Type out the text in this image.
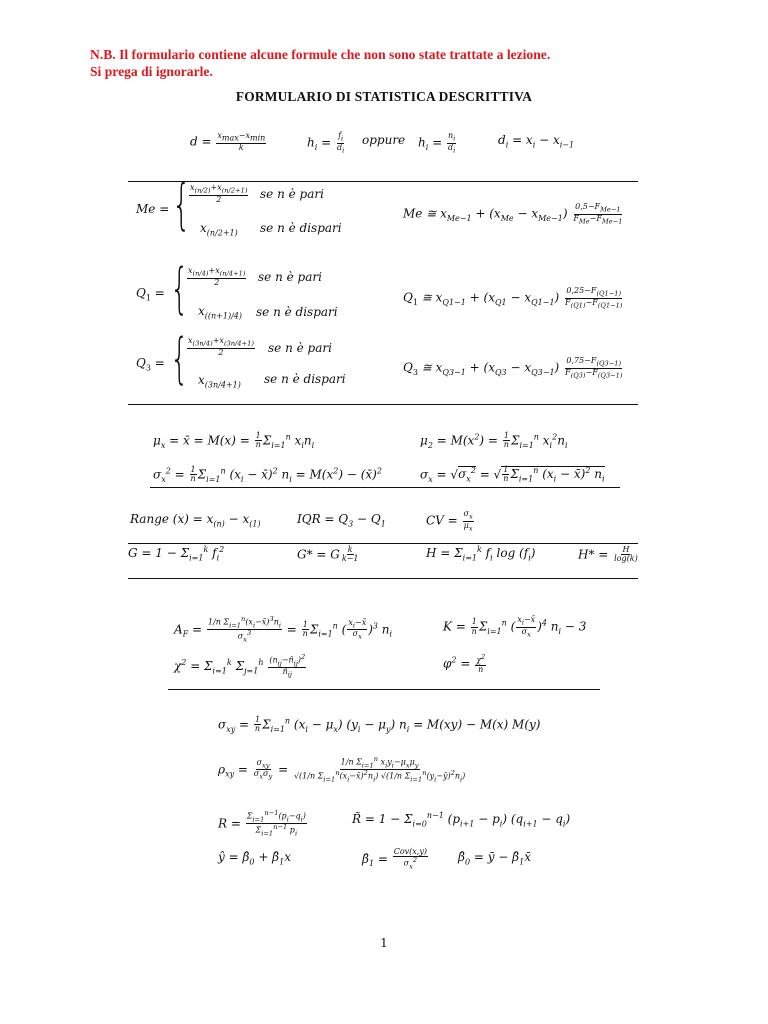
N.B. Il formulario contiene alcune formule che non sono state trattate a lezione.
Si prega di ignorarle.
FORMULARIO DI STATISTICA DESCRITTIVA
$d = \frac{x_{max}-x_{min}}{k}$	$h_i = \frac{f_i}{d_i}$ oppure $h_i = \frac{n_i}{d_i}$	$d_i = x_i - x_{i-1}$
Me = {
$\frac{x_{(n/2)}+x_{(n/2+1)}}{2}$ se n è pari
$x_{(n/2+1)}$ se n è dispari
Me ≅ $x_{Me-1} + (x_{Me} - x_{Me-1}) \frac{0,5-F_{Me-1}}{F_{Me}-F_{Me-1}}$
$Q_1$ = {
$\frac{x_{(n/4)}+x_{(n/4+1)}}{2}$ se n è pari
$x_{((n+1)/4)}$ se n è dispari
$Q_1$ ≅ $x_{Q1-1} + (x_{Q1} - x_{Q1-1}) \frac{0,25-F_{(Q1-1)}}{F_{(Q1)}-F_{(Q1-1)}}$
$Q_3$ = {
$\frac{x_{(3n/4)}+x_{(3n/4+1)}}{2}$ se n è pari
$x_{(3n/4+1)}$ se n è dispari
$Q_3$ ≅ $x_{Q3-1} + (x_{Q3} - x_{Q3-1}) \frac{0,75-F_{(Q3-1)}}{F_{(Q3)}-F_{(Q3-1)}}$
$\mu_x$ = x̄ = $M(x) = \frac{1}{n} \Sigma_{i=1}^n$ $x_in_i$	$\mu_2 = M(x^2) = \frac{1}{n} \Sigma_{i=1}^n$ $x_i^2n_i$
$\sigma_x^2 = \frac{1}{n} \Sigma_{i=1}^n$ ($x_i$ − x̄)$^2$ $n_i = M(x^2)$ − (x̄)$^2$	$\sigma_x = √\sigma_x^2$ = √ $\frac{1}{n} \Sigma_{i=1}^n$ ($x_i$ − x̄)$^2$ $n_i$
Range $(x) = x_{(n)} - x_{(1)}$	IQR = $Q_3 - Q_1$	CV = $\frac{\sigma_x}{\mu_x}$
$G = 1 - \Sigma_{i=1}^k$ $f_i^2$	G* = G $\frac{k}{k-1}$	$H = \Sigma_{i=1}^k$ $f_i$ $\log (f_i)$	$H* = \frac{H}{\log(k)}$
$A_F = \frac{1/n \Sigma_{i=1}^n(x_i-x̄)^3n_i}{\sigma_x^3} = \frac{1}{n} \Sigma_{i=1}^n$ ( $\frac{x_i-x̄}{\sigma_x} )^3$ $n_i$
$K = \frac{1}{n} \Sigma_{i=1}^n$ ( $\frac{x_i-x̄}{\sigma_x} )^4$ $n_i - 3$
$\chi^2 = \Sigma_{i=1}^k$ $\Sigma_{j=1}^h \frac{(n_{ij}-n̂_{ij})^2}{n̂_{ij}}$	$\varphi^2 = \frac{\chi^2}{n}$
$\sigma_{xy} = \frac{1}{n} \Sigma_{i=1}^n$ $(x_i - \mu_x) (y_i - \mu_y) n_i = M(xy) - M(x)$ M(y)
$\rho_{xy} = \frac{\sigma_{xy}}{\sigma_x\sigma_y} = \frac{1/n \Sigma_{i=1}^n x_iy_i-\mu_x\mu_y}{√(1/n \Sigma_{i=1}^n(x_i-x̄)^2n_i) √(1/n \Sigma_{i=1}^n(y_i-ȳ)^2n_i)}$
$R = \frac{\Sigma_{i=1}^{n-1}(p_i-q_i)}{\Sigma_{i=1}^{n-1} p_i}$	R̃ = $1 - \Sigma_{i=0}^{n-1}$ $(p_{i+1} - p_i) (q_{i+1} - q_i)$
ŷ = $\betâ_0$ + $\betâ_1x$	$\betâ_1 = \frac{\text{Cov(x,y)}}{\sigma_x^2}$	$\betâ_0$ = ȳ − $\betâ_1x̄$
1
